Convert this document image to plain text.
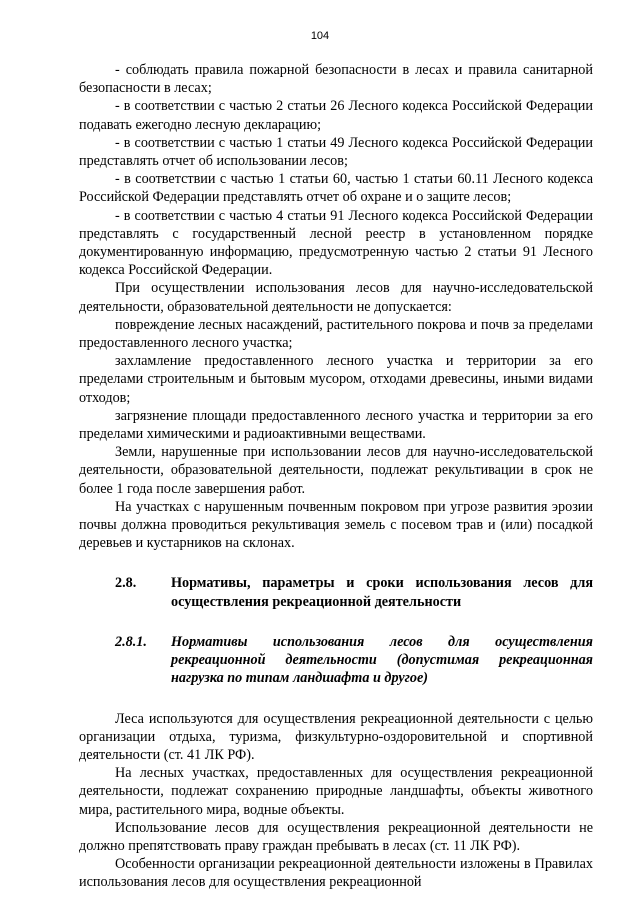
104

- соблюдать правила пожарной безопасности в лесах и правила санитарной безопасности в лесах;

- в соответствии с частью 2 статьи 26 Лесного кодекса Российской Федерации подавать ежегодно лесную декларацию;

- в соответствии с частью 1 статьи 49 Лесного кодекса Российской Федерации представлять отчет об использовании лесов;

- в соответствии с частью 1 статьи 60, частью 1 статьи 60.11 Лесного кодекса Российской Федерации представлять отчет об охране и о защите лесов;

- в соответствии с частью 4 статьи 91 Лесного кодекса Российской Федерации представлять с государственный лесной реестр в установленном порядке документированную информацию, предусмотренную частью 2 статьи 91 Лесного кодекса Российской Федерации.

При осуществлении использования лесов для научно-исследовательской деятельности, образовательной деятельности не допускается:

повреждение лесных насаждений, растительного покрова и почв за пределами предоставленного лесного участка;

захламление предоставленного лесного участка и территории за его пределами строительным и бытовым мусором, отходами древесины, иными видами отходов;

загрязнение площади предоставленного лесного участка и территории за его пределами химическими и радиоактивными веществами.

Земли, нарушенные при использовании лесов для научно-исследовательской деятельности, образовательной деятельности, подлежат рекультивации в срок не более 1 года после завершения работ.

На участках с нарушенным почвенным покровом при угрозе развития эрозии почвы должна проводиться рекультивация земель с посевом трав и (или) посадкой деревьев и кустарников на склонах.

2.8.	Нормативы, параметры и сроки использования лесов для осуществления рекреационной деятельности
2.8.1.	Нормативы использования лесов для осуществления рекреационной деятельности (допустимая рекреационная нагрузка по типам ландшафта и другое)

Леса используются для осуществления рекреационной деятельности с целью организации отдыха, туризма, физкультурно-оздоровительной и спортивной деятельности (ст. 41 ЛК РФ).

На лесных участках, предоставленных для осуществления рекреационной деятельности, подлежат сохранению природные ландшафты, объекты животного мира, растительного мира, водные объекты.

Использование лесов для осуществления рекреационной деятельности не должно препятствовать праву граждан пребывать в лесах (ст. 11 ЛК РФ).

Особенности организации рекреационной деятельности изложены в Правилах использования лесов для осуществления рекреационной
